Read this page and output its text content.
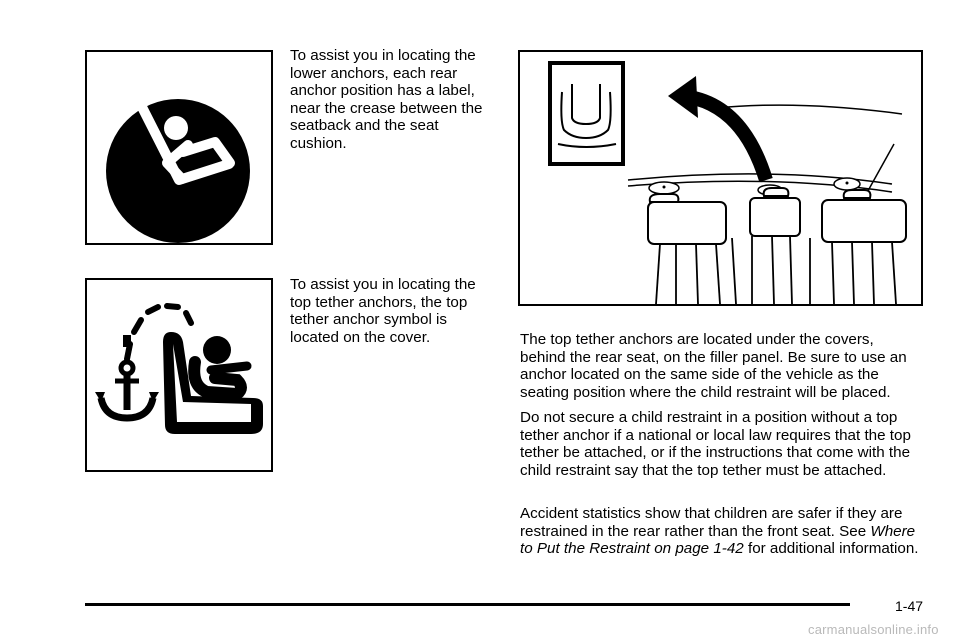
To assist you in locating the lower anchors, each rear anchor position has a label, near the crease between the seatback and the seat cushion.

To assist you in locating the top tether anchors, the top tether anchor symbol is located on the cover.	The top tether anchors are located under the covers, behind the rear seat, on the filler panel. Be sure to use an anchor located on the same side of the vehicle as the seating position where the child restraint will be placed.

Do not secure a child restraint in a position without a top tether anchor if a national or local law requires that the top tether be attached, or if the instructions that come with the child restraint say that the top tether must be attached.

Accident statistics show that children are safer if they are restrained in the rear rather than the front seat. See Where to Put the Restraint on page 1-42 for additional information.

1-47
carmanualsonline.info
